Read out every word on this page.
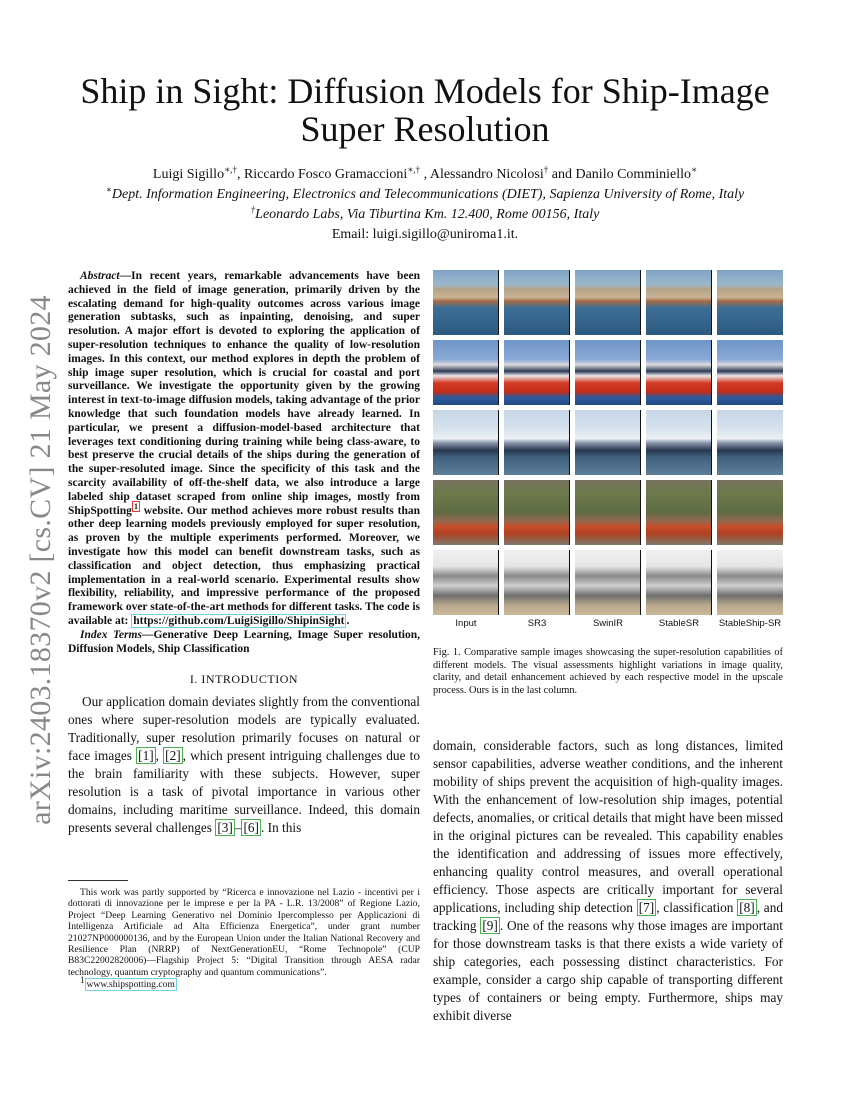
arXiv:2403.18370v2 [cs.CV] 21 May 2024
Ship in Sight: Diffusion Models for Ship-Image Super Resolution
Luigi Sigillo∗,†, Riccardo Fosco Gramaccioni∗,† , Alessandro Nicolosi† and Danilo Comminiello∗
∗Dept. Information Engineering, Electronics and Telecommunications (DIET), Sapienza University of Rome, Italy
†Leonardo Labs, Via Tiburtina Km. 12.400, Rome 00156, Italy
Email: luigi.sigillo@uniroma1.it.

Abstract—In recent years, remarkable advancements have been achieved in the field of image generation, primarily driven by the escalating demand for high-quality outcomes across various image generation subtasks, such as inpainting, denoising, and super resolution. A major effort is devoted to exploring the application of super-resolution techniques to enhance the quality of low-resolution images. In this context, our method explores in depth the problem of ship image super resolution, which is crucial for coastal and port surveillance. We investigate the opportunity given by the growing interest in text-to-image diffusion models, taking advantage of the prior knowledge that such foundation models have already learned. In particular, we present a diffusion-model-based architecture that leverages text conditioning during training while being class-aware, to best preserve the crucial details of the ships during the generation of the super-resoluted image. Since the specificity of this task and the scarcity availability of off-the-shelf data, we also introduce a large labeled ship dataset scraped from online ship images, mostly from ShipSpotting $^1$ website. Our method achieves more robust results than other deep learning models previously employed for super resolution, as proven by the multiple experiments performed. Moreover, we investigate how this model can benefit downstream tasks, such as classification and object detection, thus emphasizing practical implementation in a real-world scenario. Experimental results show flexibility, reliability, and impressive performance of the proposed framework over state-of-the-art methods for different tasks. The code is available at: https://github.com/LuigiSigillo/ShipinSight .

Index Terms—Generative Deep Learning, Image Super resolution, Diffusion Models, Ship Classification

I. INTRODUCTION

Our application domain deviates slightly from the conventional ones where super-resolution models are typically evaluated. Traditionally, super resolution primarily focuses on natural or face images [1] , [2] , which present intriguing challenges due to the brain familiarity with these subjects. However, super resolution is a task of pivotal importance in various other domains, including maritime surveillance. Indeed, this domain presents several challenges [3] – [6] . In this

This work was partly supported by “Ricerca e innovazione nel Lazio - incentivi per i dottorati di innovazione per le imprese e per la PA - L.R. 13/2008” of Regione Lazio, Project “Deep Learning Generativo nel Dominio Ipercomplesso per Applicazioni di Intelligenza Artificiale ad Alta Efficienza Energetica”, under grant number 21027NP000000136, and by the European Union under the Italian National Recovery and Resilience Plan (NRRP) of NextGenerationEU, “Rome Technopole” (CUP B83C22002820006)—Flagship Project 5: “Digital Transition through AESA radar technology, quantum cryptography and quantum communications”.
$^1$ www.shipspotting.com
Input	SR3	SwinIR	StableSR	StableShip-SR

Fig. 1. Comparative sample images showcasing the super-resolution capabilities of different models. The visual assessments highlight variations in image quality, clarity, and detail enhancement achieved by each respective model in the upscale process. Ours is in the last column.

domain, considerable factors, such as long distances, limited sensor capabilities, adverse weather conditions, and the inherent mobility of ships prevent the acquisition of high-quality images. With the enhancement of low-resolution ship images, potential defects, anomalies, or critical details that might have been missed in the original pictures can be revealed. This capability enables the identification and addressing of issues more effectively, enhancing quality control measures, and overall operational efficiency. Those aspects are critically important for several applications, including ship detection [7] , classification [8] , and tracking [9] . One of the reasons why those images are important for those downstream tasks is that there exists a wide variety of ship categories, each possessing distinct characteristics. For example, consider a cargo ship capable of transporting different types of containers or being empty. Furthermore, ships may exhibit diverse
